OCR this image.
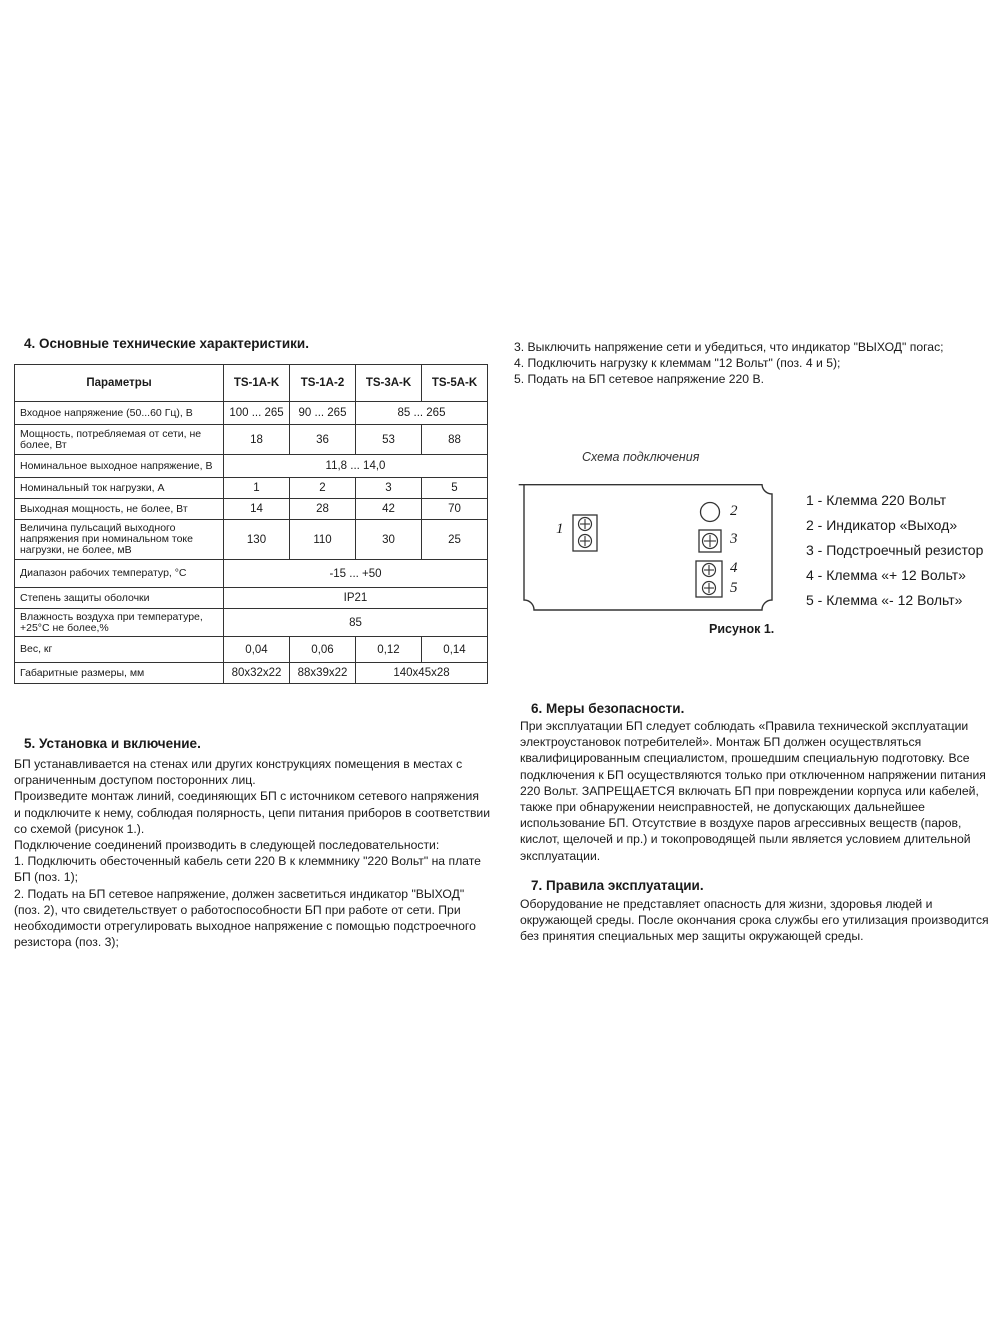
4. Основные технические характеристики.
Параметры	TS-1A-K	TS-1A-2	TS-3A-K	TS-5A-K
Входное напряжение (50...60 Гц), В	100 ... 265	90 ... 265	85 ... 265	
Мощность, потребляемая от сети, не более, Вт	18	36	53	88
Номинальное выходное напряжение, В	11,8 ... 14,0			
Номинальный ток нагрузки, А	1	2	3	5
Выходная мощность, не более, Вт	14	28	42	70
Величина пульсаций выходного напряжения при номинальном токе нагрузки, не более, мВ	130	110	30	25
Диапазон рабочих температур, °С	-15 ... +50			
Степень защиты оболочки	IP21			
Влажность воздуха при температуре, +25°С не более,%	85			
Вес, кг	0,04	0,06	0,12	0,14
Габаритные размеры, мм	80x32x22	88x39x22	140x45x28	
5. Установка и включение.
БП устанавливается на стенах или других конструкциях помещения в местах с
ограниченным доступом посторонних лиц.
Произведите монтаж линий, соединяющих БП с источником сетевого напряжения
и подключите к нему, соблюдая полярность, цепи питания приборов в соответствии
со схемой (рисунок 1.).
Подключение соединений производить в следующей последовательности:
1. Подключить обесточенный кабель сети 220 В к клеммнику "220 Вольт" на плате
БП (поз. 1);
2. Подать на БП сетевое напряжение, должен засветиться индикатор "ВЫХОД"
(поз. 2), что свидетельствует о работоспособности БП при работе от сети. При
необходимости отрегулировать выходное напряжение с помощью подстроечного
резистора (поз. 3);
3. Выключить напряжение сети и убедиться, что индикатор "ВЫХОД" погас;
4. Подключить нагрузку к клеммам "12 Вольт" (поз. 4 и 5);
5. Подать на БП сетевое напряжение 220 В.
Схема подключения
1
2
3
4
5
Рисунок 1.
1 - Клемма 220 Вольт
2 - Индикатор «Выход»
3 - Подстроечный резистор
4 - Клемма «+ 12 Вольт»
5 - Клемма «- 12 Вольт»
6. Меры безопасности.
При эксплуатации БП следует соблюдать «Правила технической эксплуатации
электроустановок потребителей». Монтаж БП должен осуществляться
квалифицированным специалистом, прошедшим специальную подготовку. Все
подключения к БП осуществляются только при отключенном напряжении питания
220 Вольт. ЗАПРЕЩАЕТСЯ включать БП при повреждении корпуса или кабелей,
также при обнаружении неисправностей, не допускающих дальнейшее
использование БП. Отсутствие в воздухе паров агрессивных веществ (паров,
кислот, щелочей и пр.) и токопроводящей пыли является условием длительной
эксплуатации.
7. Правила эксплуатации.
Оборудование не представляет опасность для жизни, здоровья людей и
окружающей среды. После окончания срока службы его утилизация производится
без принятия специальных мер защиты окружающей среды.
